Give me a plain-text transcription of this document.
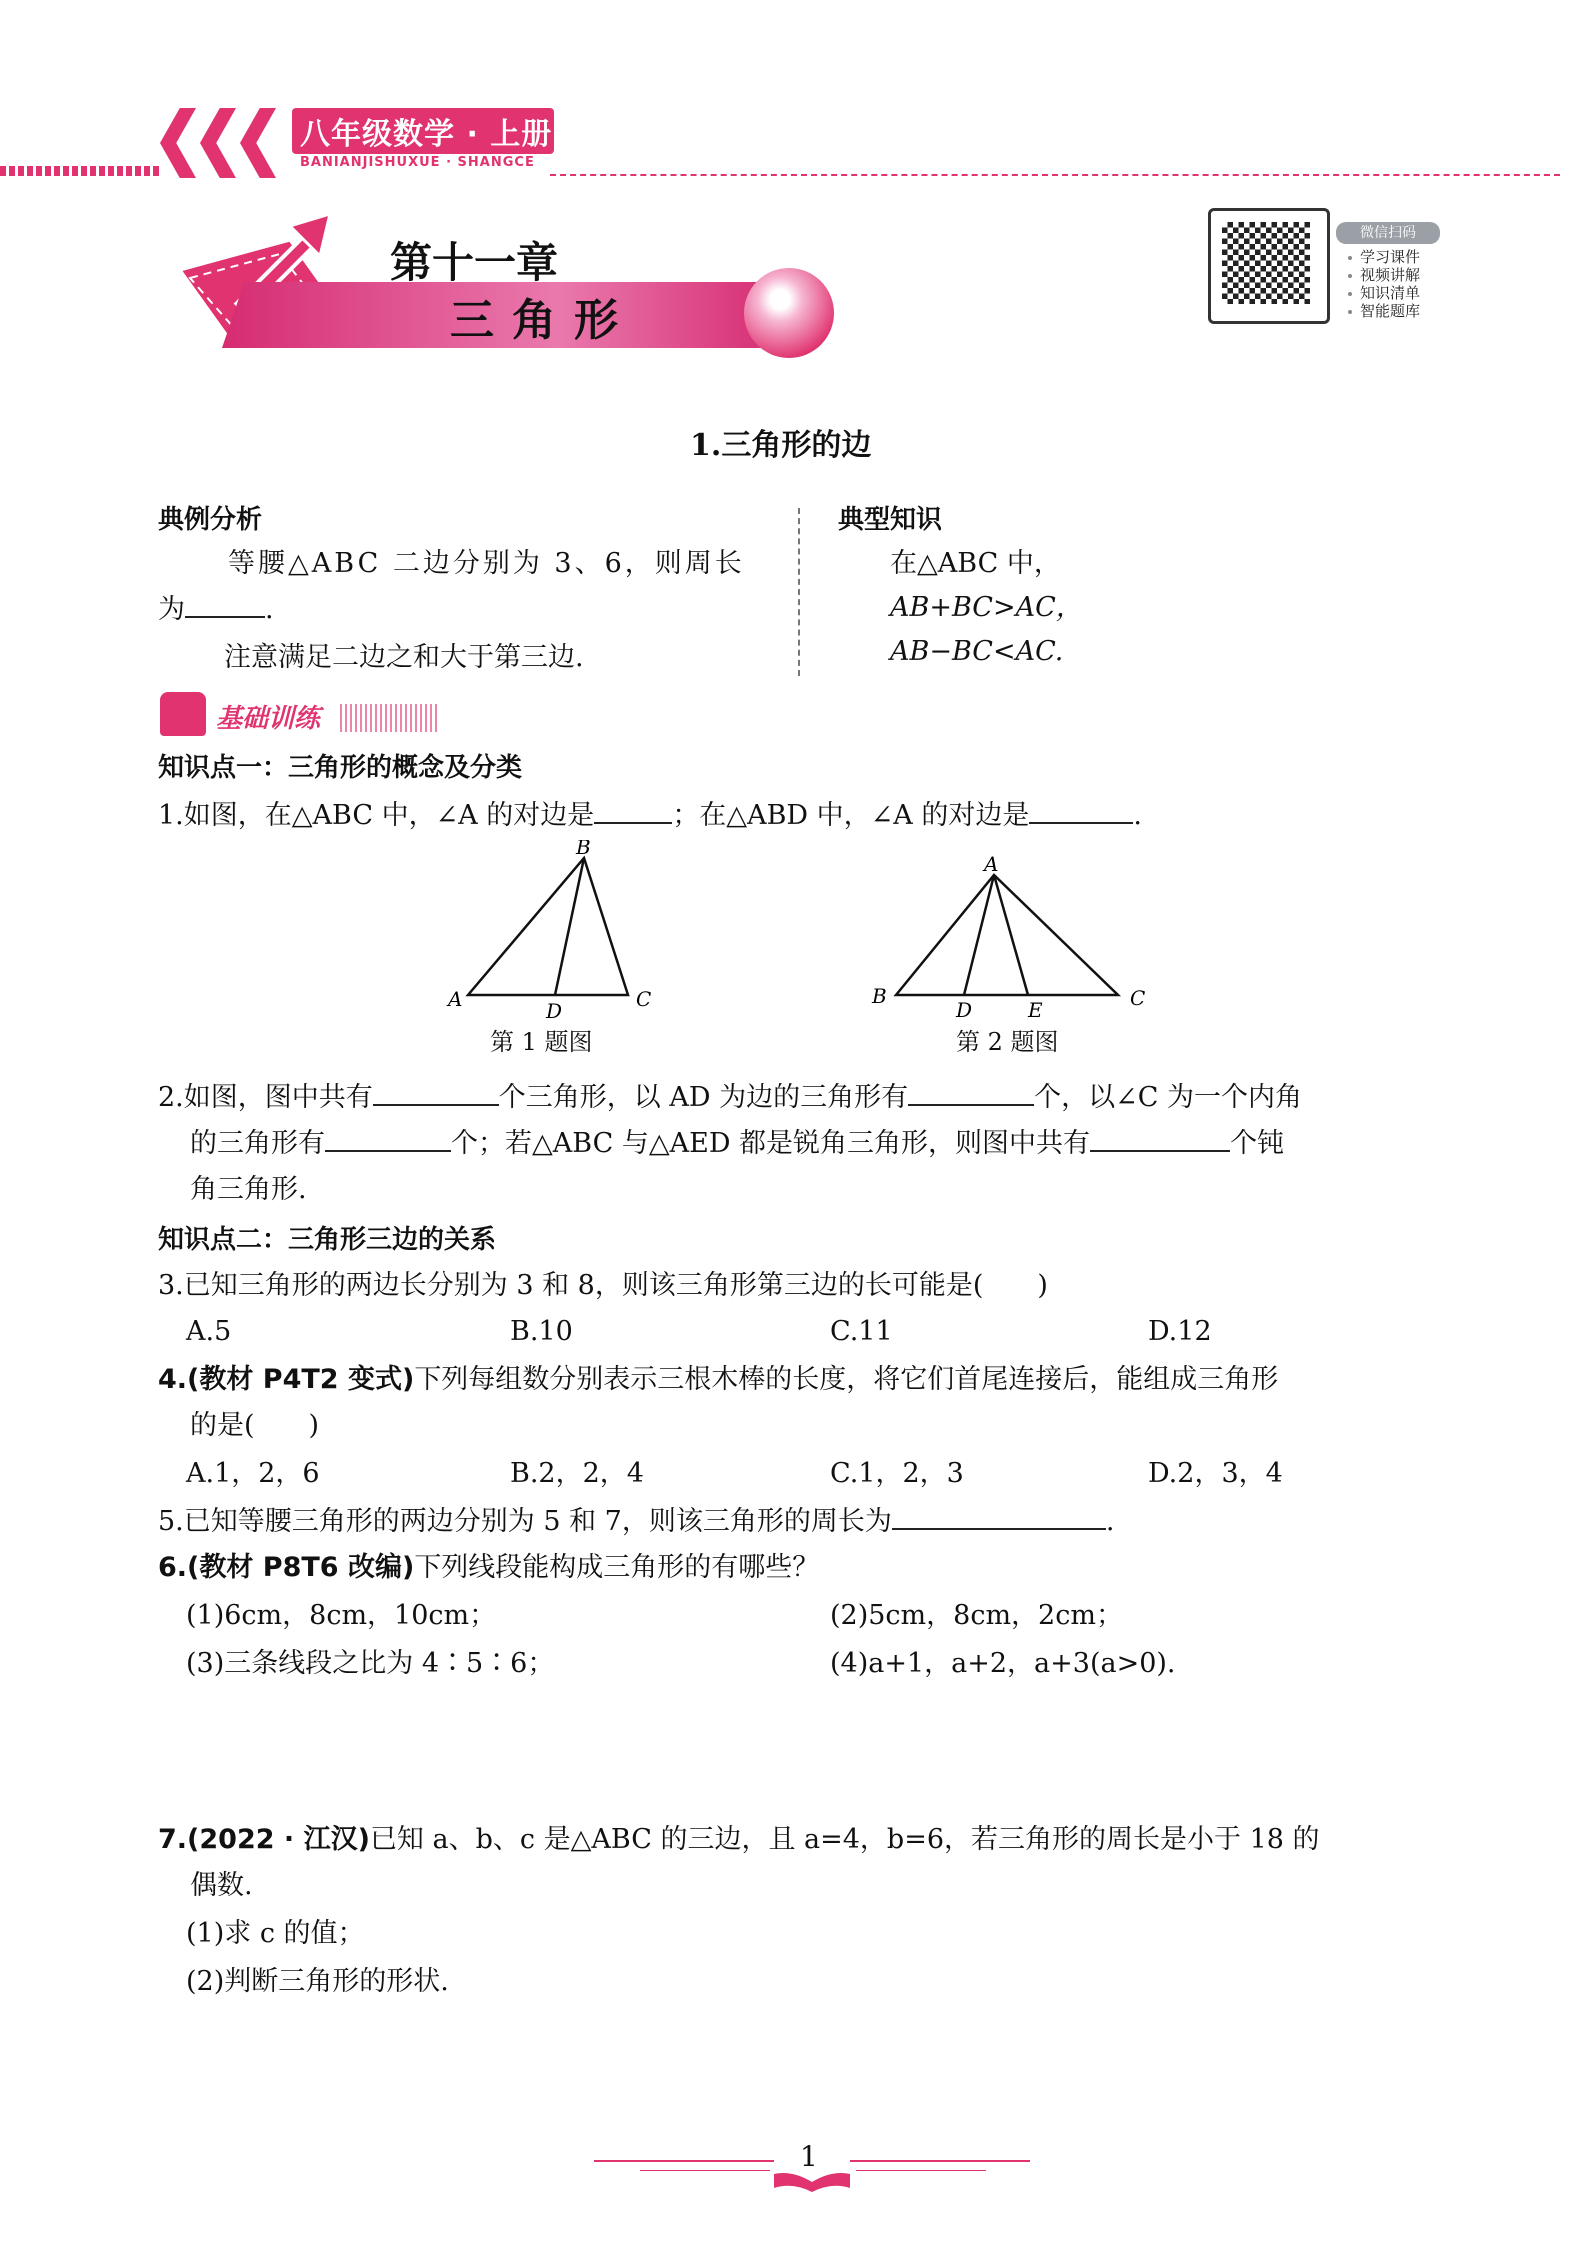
八年级数学 · 上册
BANIANJISHUXUE · SHANGCE
第十一章
三角形
微信扫码
学习课件
视频讲解
知识清单
智能题库
1.三角形的边
典例分析
等腰△ABC 二边分别为 3、6，则周长
为	.
注意满足二边之和大于第三边.
典型知识
在△ABC 中，
AB+BC>AC，
AB−BC<AC.
基础训练
知识点一：三角形的概念及分类
1.如图，在△ABC 中，∠A 的对边是	；在△ABD 中，∠A 的对边是	.
A
B
C
D
第 1 题图
A
B	C
D	E
第 2 题图
2.如图，图中共有	个三角形，以 AD 为边的三角形有	个，以∠C 为一个内角
的三角形有	个；若△ABC 与△AED 都是锐角三角形，则图中共有	个钝
角三角形.
知识点二：三角形三边的关系
3.已知三角形的两边长分别为 3 和 8，则该三角形第三边的长可能是(　　)
A.5	B.10	C.11	D.12
4.(教材 P4T2 变式)下列每组数分别表示三根木棒的长度，将它们首尾连接后，能组成三角形
的是(　　)
A.1，2，6	B.2，2，4	C.1，2，3	D.2，3，4
5.已知等腰三角形的两边分别为 5 和 7，则该三角形的周长为	.
6.(教材 P8T6 改编)下列线段能构成三角形的有哪些？
(1)6cm，8cm，10cm；	(2)5cm，8cm，2cm；
(3)三条线段之比为 4∶5∶6；	(4)a+1，a+2，a+3(a>0).
7.(2022 · 江汉)已知 a、b、c 是△ABC 的三边，且 a=4，b=6，若三角形的周长是小于 18 的
偶数.
(1)求 c 的值；
(2)判断三角形的形状.
1
